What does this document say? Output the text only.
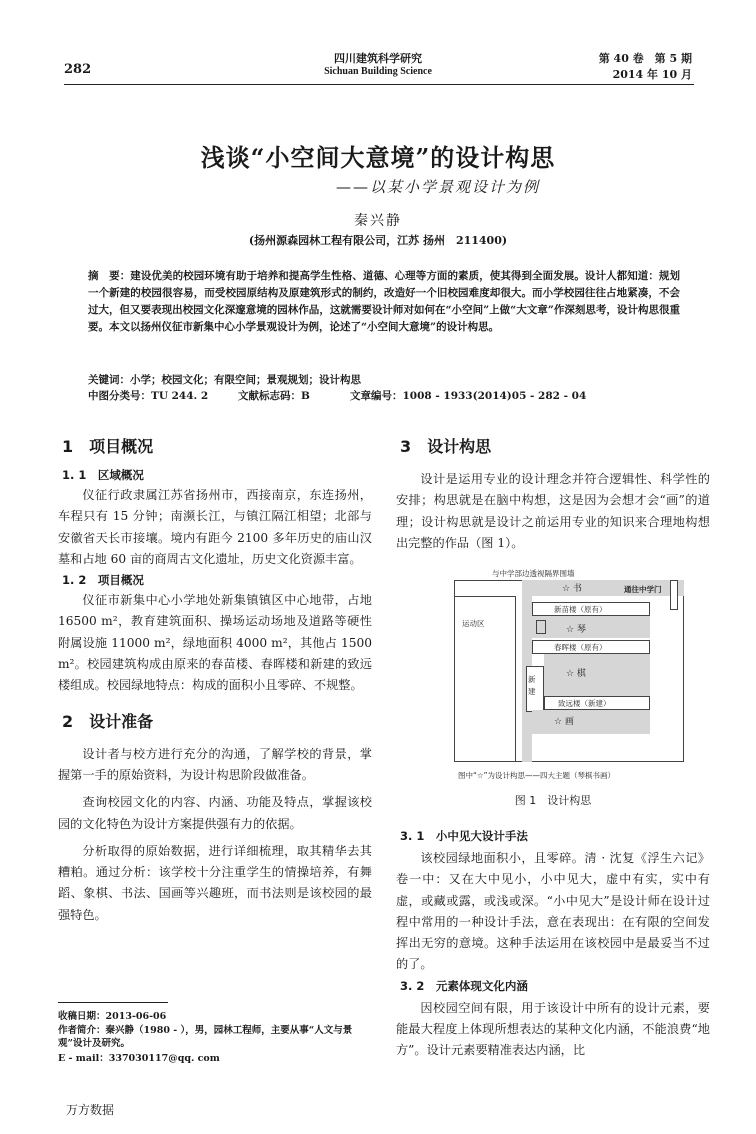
282
四川建筑科学研究
Sichuan Building Science
第 40 卷　第 5 期
2014 年 10 月
浅谈“小空间大意境”的设计构思
——以某小学景观设计为例
秦兴静
(扬州源森园林工程有限公司，江苏 扬州　211400)
摘　要：建设优美的校园环境有助于培养和提高学生性格、道德、心理等方面的素质，使其得到全面发展。设计人都知道：规划一个新建的校园很容易，而受校园原结构及原建筑形式的制约，改造好一个旧校园难度却很大。而小学校园往往占地紧凑，不会过大，但又要表现出校园文化深邃意境的园林作品，这就需要设计师对如何在“小空间”上做“大文章”作深刻思考，设计构思很重要。本文以扬州仪征市新集中心小学景观设计为例，论述了“小空间大意境”的设计构思。
关键词：小学；校园文化；有限空间；景观规划；设计构思
中图分类号：TU 244. 2	文献标志码：B	文章编号：1008 - 1933(2014)05 - 282 - 04
1　项目概况
1. 1　区域概况

仪征行政隶属江苏省扬州市，西接南京，东连扬州，车程只有 15 分钟；南濒长江，与镇江隔江相望；北部与安徽省天长市接壤。境内有距今 2100 多年历史的庙山汉墓和占地 60 亩的商周古文化遗址，历史文化资源丰富。

1. 2　项目概况

仪征市新集中心小学地处新集镇镇区中心地带，占地 16500 m²，教育建筑面积、操场运动场地及道路等硬性附属设施 11000 m²，绿地面积 4000 m²，其他占 1500 m²。校园建筑构成由原来的春苗楼、春晖楼和新建的致远楼组成。校园绿地特点：构成的面积小且零碎、不规整。

2　设计准备

设计者与校方进行充分的沟通，了解学校的背景，掌握第一手的原始资料，为设计构思阶段做准备。

查询校园文化的内容、内涵、功能及特点，掌握该校园的文化特色为设计方案提供强有力的依据。

分析取得的原始数据，进行详细梳理，取其精华去其糟粕。通过分析：该学校十分注重学生的情操培养，有舞蹈、象棋、书法、国画等兴趣班，而书法则是该校园的最强特色。

收稿日期：2013-06-06
作者简介：秦兴静（1980 - ），男，园林工程师，主要从事“人文与景观”设计及研究。
E - mail：337030117@qq. com
3　设计构思

设计是运用专业的设计理念并符合逻辑性、科学性的安排；构思就是在脑中构想，这是因为会想才会“画”的道理；设计构思就是设计之前运用专业的知识来合理地构想出完整的作品（图 1）。

与中学部边透视隔界围墙
☆ 书	通往中学门
运动区
新苗楼（原有）
☆ 琴
春晖楼（原有）
新建
☆ 棋
致远楼（新建）
☆ 画
图中“☆”为设计构思——四大主题（琴棋书画）
图 1　设计构思
3. 1　小中见大设计手法

该校园绿地面积小，且零碎。清 · 沈复《浮生六记》卷一中：又在大中见小，小中见大，虚中有实，实中有虚，或藏或露，或浅或深。“小中见大”是设计师在设计过程中常用的一种设计手法，意在表现出：在有限的空间发挥出无穷的意境。这种手法运用在该校园中是最妥当不过的了。

3. 2　元素体现文化内涵

因校园空间有限，用于该设计中所有的设计元素，要能最大程度上体现所想表达的某种文化内涵，不能浪费“地方”。设计元素要精准表达内涵，比

万方数据
